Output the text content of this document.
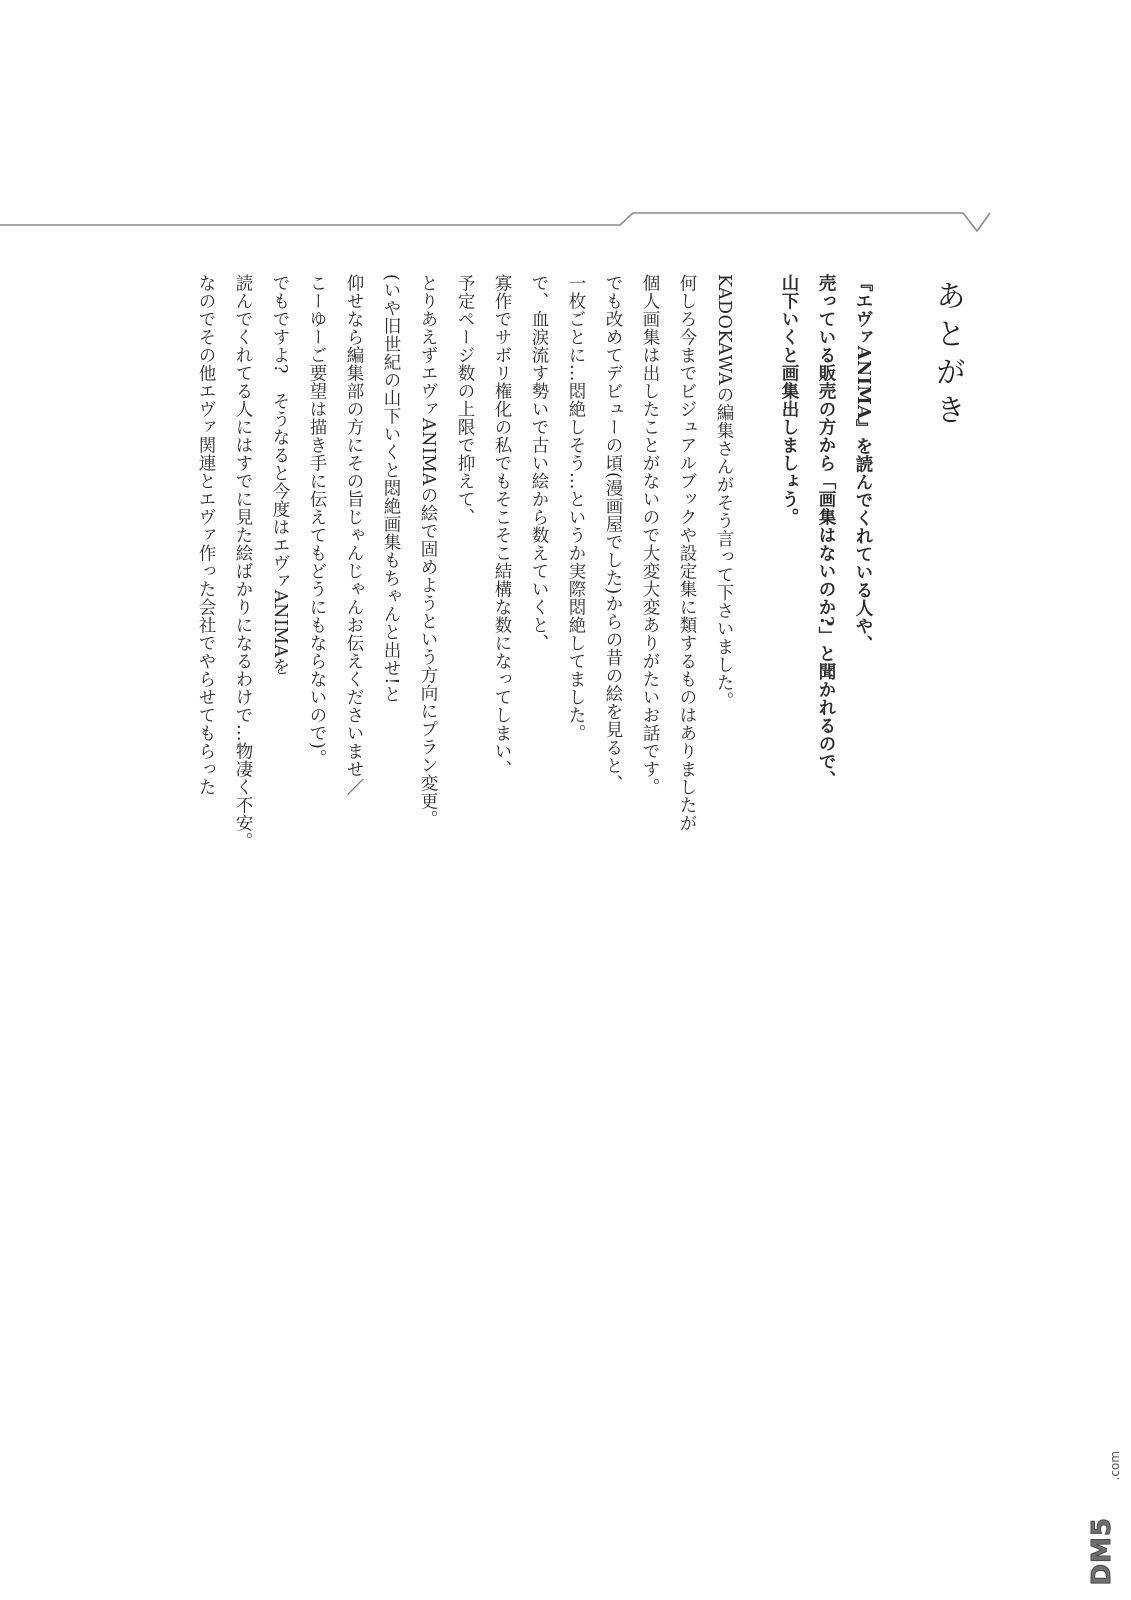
あとがき
『エヴァANIMA』を読んでくれている人や、
売っている販売の方から「画集はないのか?」と聞かれるので、
山下いくと画集出しましょう。
KADOKAWAの編集さんがそう言って下さいました。
何しろ今までビジュアルブックや設定集に類するものはありましたが
個人画集は出したことがないので大変大変ありがたいお話です。
でも改めてデビューの頃(漫画屋でした)からの昔の絵を見ると、
一枚ごとに…悶絶しそう…というか実際悶絶してました。
で、血涙流す勢いで古い絵から数えていくと、
寡作でサボリ権化の私でもそこそこ結構な数になってしまい、
予定ページ数の上限で抑えて、
とりあえずエヴァANIMAの絵で固めようという方向にプラン変更。
(いや旧世紀の山下いくと悶絶画集もちゃんと出せ!と
仰せなら編集部の方にその旨じゃんじゃんお伝えくださいませ／
こーゆーご要望は描き手に伝えてもどうにもならないので)。
でもですよ?　そうなると今度はエヴァANIMAを
読んでくれてる人にはすでに見た絵ばかりになるわけで…物凄く不安。
なのでその他エヴァ関連とエヴァ作った会社でやらせてもらった
.com
DM5
